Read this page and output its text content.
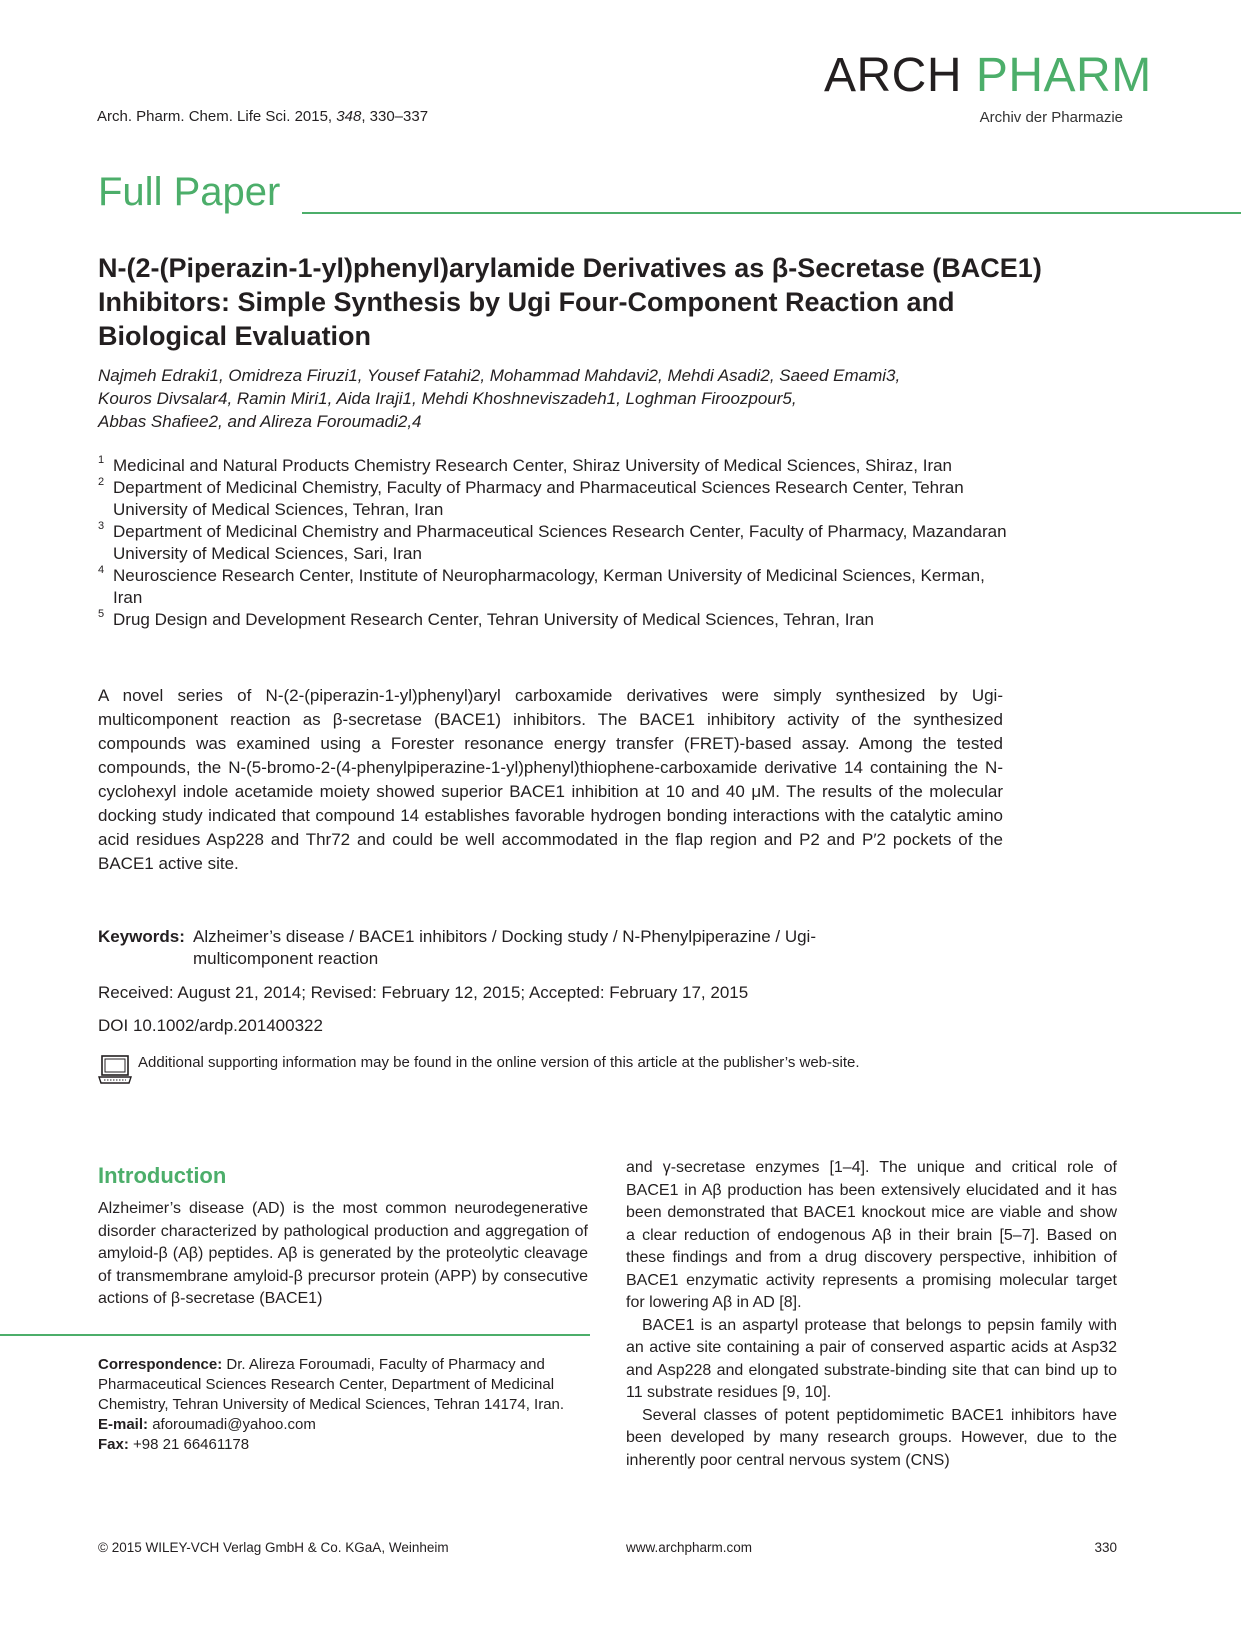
Arch. Pharm. Chem. Life Sci. 2015, 348, 330–337
ARCH PHARM
Archiv der Pharmazie
Full Paper
N-(2-(Piperazin-1-yl)phenyl)arylamide Derivatives as β-Secretase (BACE1) Inhibitors: Simple Synthesis by Ugi Four-Component Reaction and Biological Evaluation
Najmeh Edraki1, Omidreza Firuzi1, Yousef Fatahi2, Mohammad Mahdavi2, Mehdi Asadi2, Saeed Emami3,
Kouros Divsalar4, Ramin Miri1, Aida Iraji1, Mehdi Khoshneviszadeh1, Loghman Firoozpour5,
Abbas Shafiee2, and Alireza Foroumadi2,4
1 Medicinal and Natural Products Chemistry Research Center, Shiraz University of Medical Sciences, Shiraz, Iran
2 Department of Medicinal Chemistry, Faculty of Pharmacy and Pharmaceutical Sciences Research Center, Tehran University of Medical Sciences, Tehran, Iran
3 Department of Medicinal Chemistry and Pharmaceutical Sciences Research Center, Faculty of Pharmacy, Mazandaran University of Medical Sciences, Sari, Iran
4 Neuroscience Research Center, Institute of Neuropharmacology, Kerman University of Medicinal Sciences, Kerman, Iran
5 Drug Design and Development Research Center, Tehran University of Medical Sciences, Tehran, Iran
A novel series of N-(2-(piperazin-1-yl)phenyl)aryl carboxamide derivatives were simply synthesized by Ugi-multicomponent reaction as β-secretase (BACE1) inhibitors. The BACE1 inhibitory activity of the synthesized compounds was examined using a Forester resonance energy transfer (FRET)-based assay. Among the tested compounds, the N-(5-bromo-2-(4-phenylpiperazine-1-yl)phenyl)thiophene-carboxamide derivative 14 containing the N-cyclohexyl indole acetamide moiety showed superior BACE1 inhibition at 10 and 40 μM. The results of the molecular docking study indicated that compound 14 establishes favorable hydrogen bonding interactions with the catalytic amino acid residues Asp228 and Thr72 and could be well accommodated in the flap region and P2 and P′2 pockets of the BACE1 active site.
Keywords: Alzheimer’s disease / BACE1 inhibitors / Docking study / N-Phenylpiperazine / Ugi-multicomponent reaction
Received: August 21, 2014; Revised: February 12, 2015; Accepted: February 17, 2015
DOI 10.1002/ardp.201400322
Additional supporting information may be found in the online version of this article at the publisher’s web-site.
Introduction
Alzheimer’s disease (AD) is the most common neurodegenerative disorder characterized by pathological production and aggregation of amyloid-β (Aβ) peptides. Aβ is generated by the proteolytic cleavage of transmembrane amyloid-β precursor protein (APP) by consecutive actions of β-secretase (BACE1)

and γ-secretase enzymes [1–4]. The unique and critical role of BACE1 in Aβ production has been extensively elucidated and it has been demonstrated that BACE1 knockout mice are viable and show a clear reduction of endogenous Aβ in their brain [5–7]. Based on these findings and from a drug discovery perspective, inhibition of BACE1 enzymatic activity represents a promising molecular target for lowering Aβ in AD [8].

BACE1 is an aspartyl protease that belongs to pepsin family with an active site containing a pair of conserved aspartic acids at Asp32 and Asp228 and elongated substrate-binding site that can bind up to 11 substrate residues [9, 10].

Several classes of potent peptidomimetic BACE1 inhibitors have been developed by many research groups. However, due to the inherently poor central nervous system (CNS)

Correspondence: Dr. Alireza Foroumadi, Faculty of Pharmacy and Pharmaceutical Sciences Research Center, Department of Medicinal Chemistry, Tehran University of Medical Sciences, Tehran 14174, Iran.
E-mail: aforoumadi@yahoo.com
Fax: +98 21 66461178
© 2015 WILEY-VCH Verlag GmbH & Co. KGaA, Weinheim	www.archpharm.com	330
